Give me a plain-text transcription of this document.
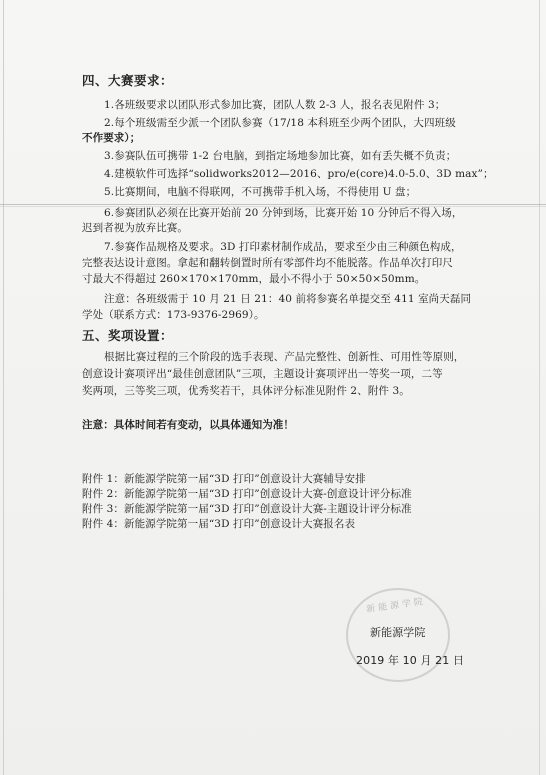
四、大赛要求：
1.各班级要求以团队形式参加比赛，团队人数 2-3 人，报名表见附件 3；
2.每个班级需至少派一个团队参赛（17/18 本科班至少两个团队，大四班级
不作要求）；
3.参赛队伍可携带 1-2 台电脑，到指定场地参加比赛，如有丢失概不负责；
4.建模软件可选择“solidworks2012—2016、pro/e(core)4.0-5.0、3D max”；
5.比赛期间，电脑不得联网，不可携带手机入场，不得使用 U 盘；
6.参赛团队必须在比赛开始前 20 分钟到场，比赛开始 10 分钟后不得入场，
迟到者视为放弃比赛。
7.参赛作品规格及要求。3D 打印素材制作成品，要求至少由三种颜色构成，
完整表达设计意图。拿起和翻转倒置时所有零部件均不能脱落。作品单次打印尺
寸最大不得超过 260×170×170mm，最小不得小于 50×50×50mm。
注意：各班级需于 10 月 21 日 21：40 前将参赛名单提交至 411 室尚天磊同
学处（联系方式：173-9376-2969）。
五、奖项设置：
根据比赛过程的三个阶段的选手表现、产品完整性、创新性、可用性等原则，
创意设计赛项评出“最佳创意团队”三项，主题设计赛项评出一等奖一项，二等
奖两项，三等奖三项，优秀奖若干，具体评分标准见附件 2、附件 3。
注意：具体时间若有变动，以具体通知为准！
附件 1：新能源学院第一届“3D 打印”创意设计大赛辅导安排
附件 2：新能源学院第一届“3D 打印”创意设计大赛-创意设计评分标准
附件 3：新能源学院第一届“3D 打印”创意设计大赛-主题设计评分标准
附件 4：新能源学院第一届“3D 打印”创意设计大赛报名表
新能源学院
新能源学院
2019 年 10 月 21 日
